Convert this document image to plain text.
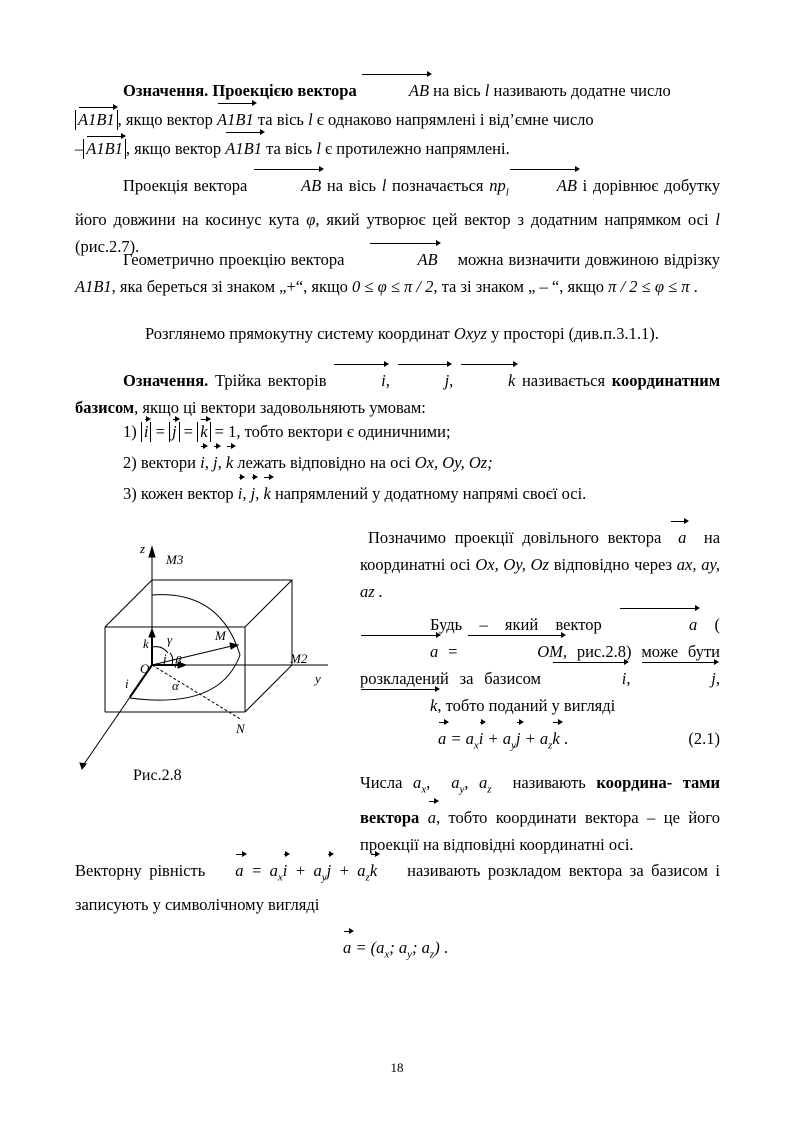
Означення. Проекцією вектора	AB на вісь l називають додатне число

A1B1 , якщо вектор A1B1 та вісь l є однаково напрямлені і від’ємне число

– A1B1 , якщо вектор A1B1 та вісь l є протилежно напрямлені.

Проекція вектора	AB на вісь l позначається $np_l$	AB і дорівнює добутку його довжини на косинус кута φ, який утворює цей вектор з додатним напрямком осі l (рис.2.7).

Геометрично проекцію вектора	AB можна визначити довжиною відрізку A1B1, яка береться зі знаком „+“, якщо 0 ≤ φ ≤ π / 2, та зі знаком „ – “, якщо π / 2 ≤ φ ≤ π .

Розглянемо прямокутну систему координат Oxyz у просторі (див.п.3.1.1).

Означення. Трійка векторів	i,	j,	k називається координатним базисом, якщо ці вектори задовольняють умовам:

1) i = j = k = 1, тобто вектори є одиничними;

2) вектори i, j, k лежать відповідно на осі Ox, Oy, Oz;

3) кожен вектор i, j, k напрямлений у додатному напрямі своєї осі.

Позначимо проекції довільного вектора a на координатні осі Ox, Oy, Oz відповідно через ax, ay, az .

Будь – який вектор	a (a =	OM, рис.2.8) може бути розкладений за базисом	i,	j, k, тобто поданий у вигляді

$a = a_xi + a_yj + a_zk$ .	(2.1)

Числа $a_x$,  $a_y$, $a_z$ називають координа- тами вектора a, тобто координати вектора – це його проекції на відповідні координатні осі.

Векторну рівність $a = a_xi + a_yj + a_zk$ називають розкладом вектора за базисом і записують у символічному вигляді

$a = (a_x$; $a_y$; $a_z$) .

z
M3
M
M2
y
N
O
γ
β
α
k
j
i
Рис.2.8
18
